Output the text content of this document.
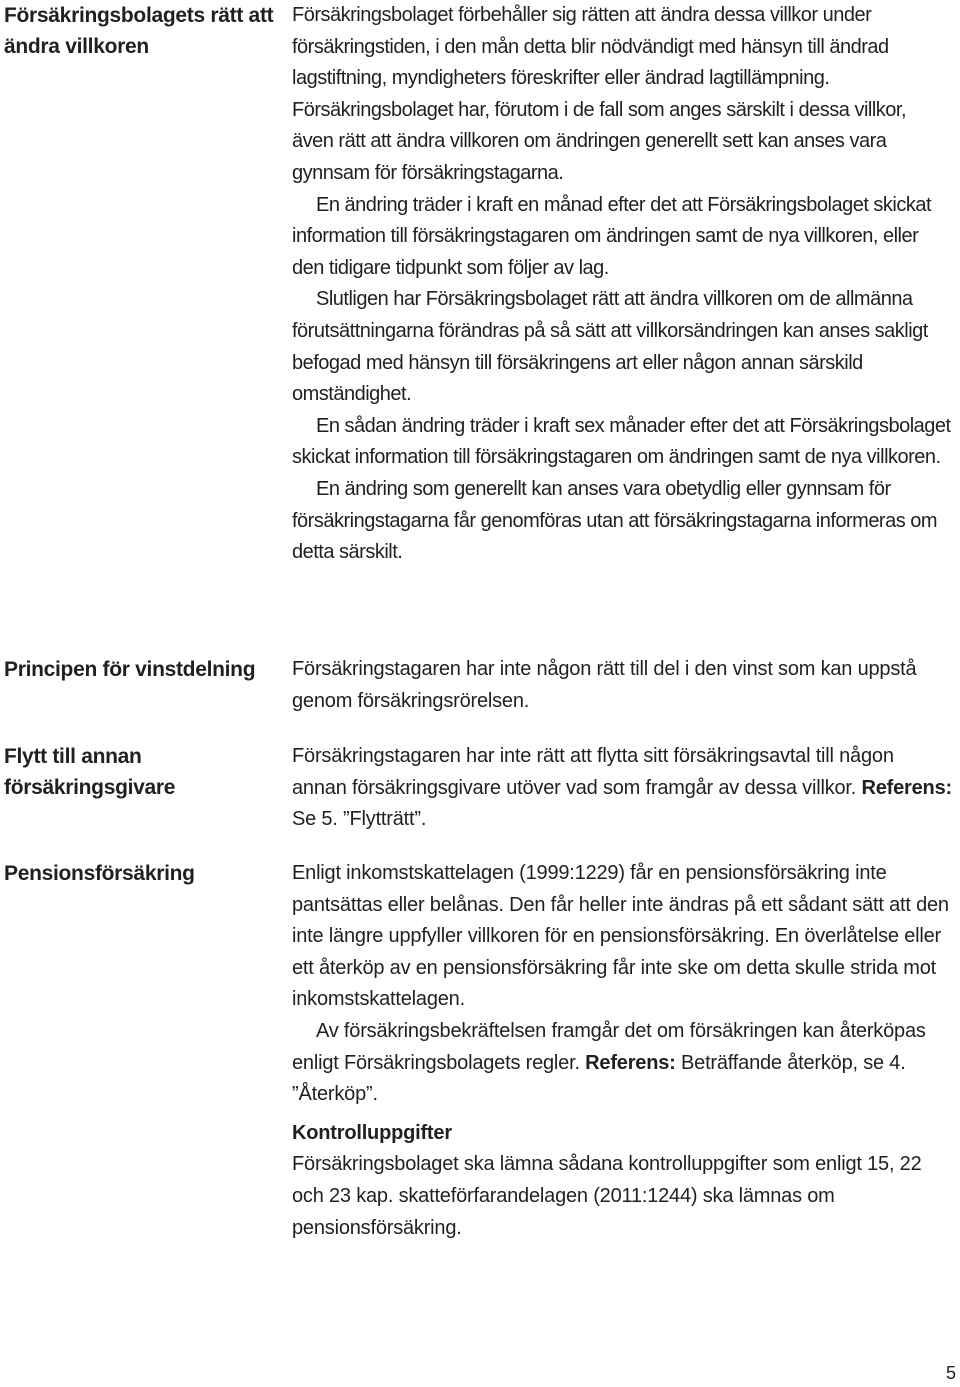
Försäkringsbolagets rätt att ändra villkoren

Försäkringsbolaget förbehåller sig rätten att ändra dessa villkor under försäkringstiden, i den mån detta blir nödvändigt med hänsyn till ändrad lagstiftning, myndigheters föreskrifter eller ändrad lagtillämpning. Försäkringsbolaget har, förutom i de fall som anges särskilt i dessa villkor, även rätt att ändra villkoren om ändringen generellt sett kan anses vara gynnsam för försäkringstagarna.

En ändring träder i kraft en månad efter det att Försäkringsbolaget skickat information till försäkringstagaren om ändringen samt de nya villkoren, eller den tidigare tidpunkt som följer av lag.

Slutligen har Försäkringsbolaget rätt att ändra villkoren om de allmänna förutsättningarna förändras på så sätt att villkorsändringen kan anses sakligt befogad med hänsyn till försäkringens art eller någon annan särskild omständighet.

En sådan ändring träder i kraft sex månader efter det att Försäkringsbolaget skickat information till försäkringstagaren om ändringen samt de nya villkoren.

En ändring som generellt kan anses vara obetydlig eller gynnsam för försäkringstagarna får genomföras utan att försäkringstagarna informeras om detta särskilt.

Principen för vinstdelning	Försäkringstagaren har inte någon rätt till del i den vinst som kan uppstå genom försäkringsrörelsen.

Flytt till annan försäkringsgivare

Försäkringstagaren har inte rätt att flytta sitt försäkringsavtal till någon annan försäkringsgivare utöver vad som framgår av dessa villkor. Referens: Se 5. ”Flytträtt”.

Pensionsförsäkring	Enligt inkomstskattelagen (1999:1229) får en pensionsförsäkring inte pantsättas eller belånas. Den får heller inte ändras på ett sådant sätt att den inte längre uppfyller villkoren för en pensionsförsäkring. En överlåtelse eller ett återköp av en pensionsförsäkring får inte ske om detta skulle strida mot inkomstskattelagen.

Av försäkringsbekräftelsen framgår det om försäkringen kan återköpas enligt Försäkringsbolagets regler. Referens: Beträffande återköp, se 4. ”Återköp”.

Kontrolluppgifter

Försäkringsbolaget ska lämna sådana kontrolluppgifter som enligt 15, 22 och 23 kap. skatteförfarandelagen (2011:1244) ska lämnas om pensionsförsäkring.

5
